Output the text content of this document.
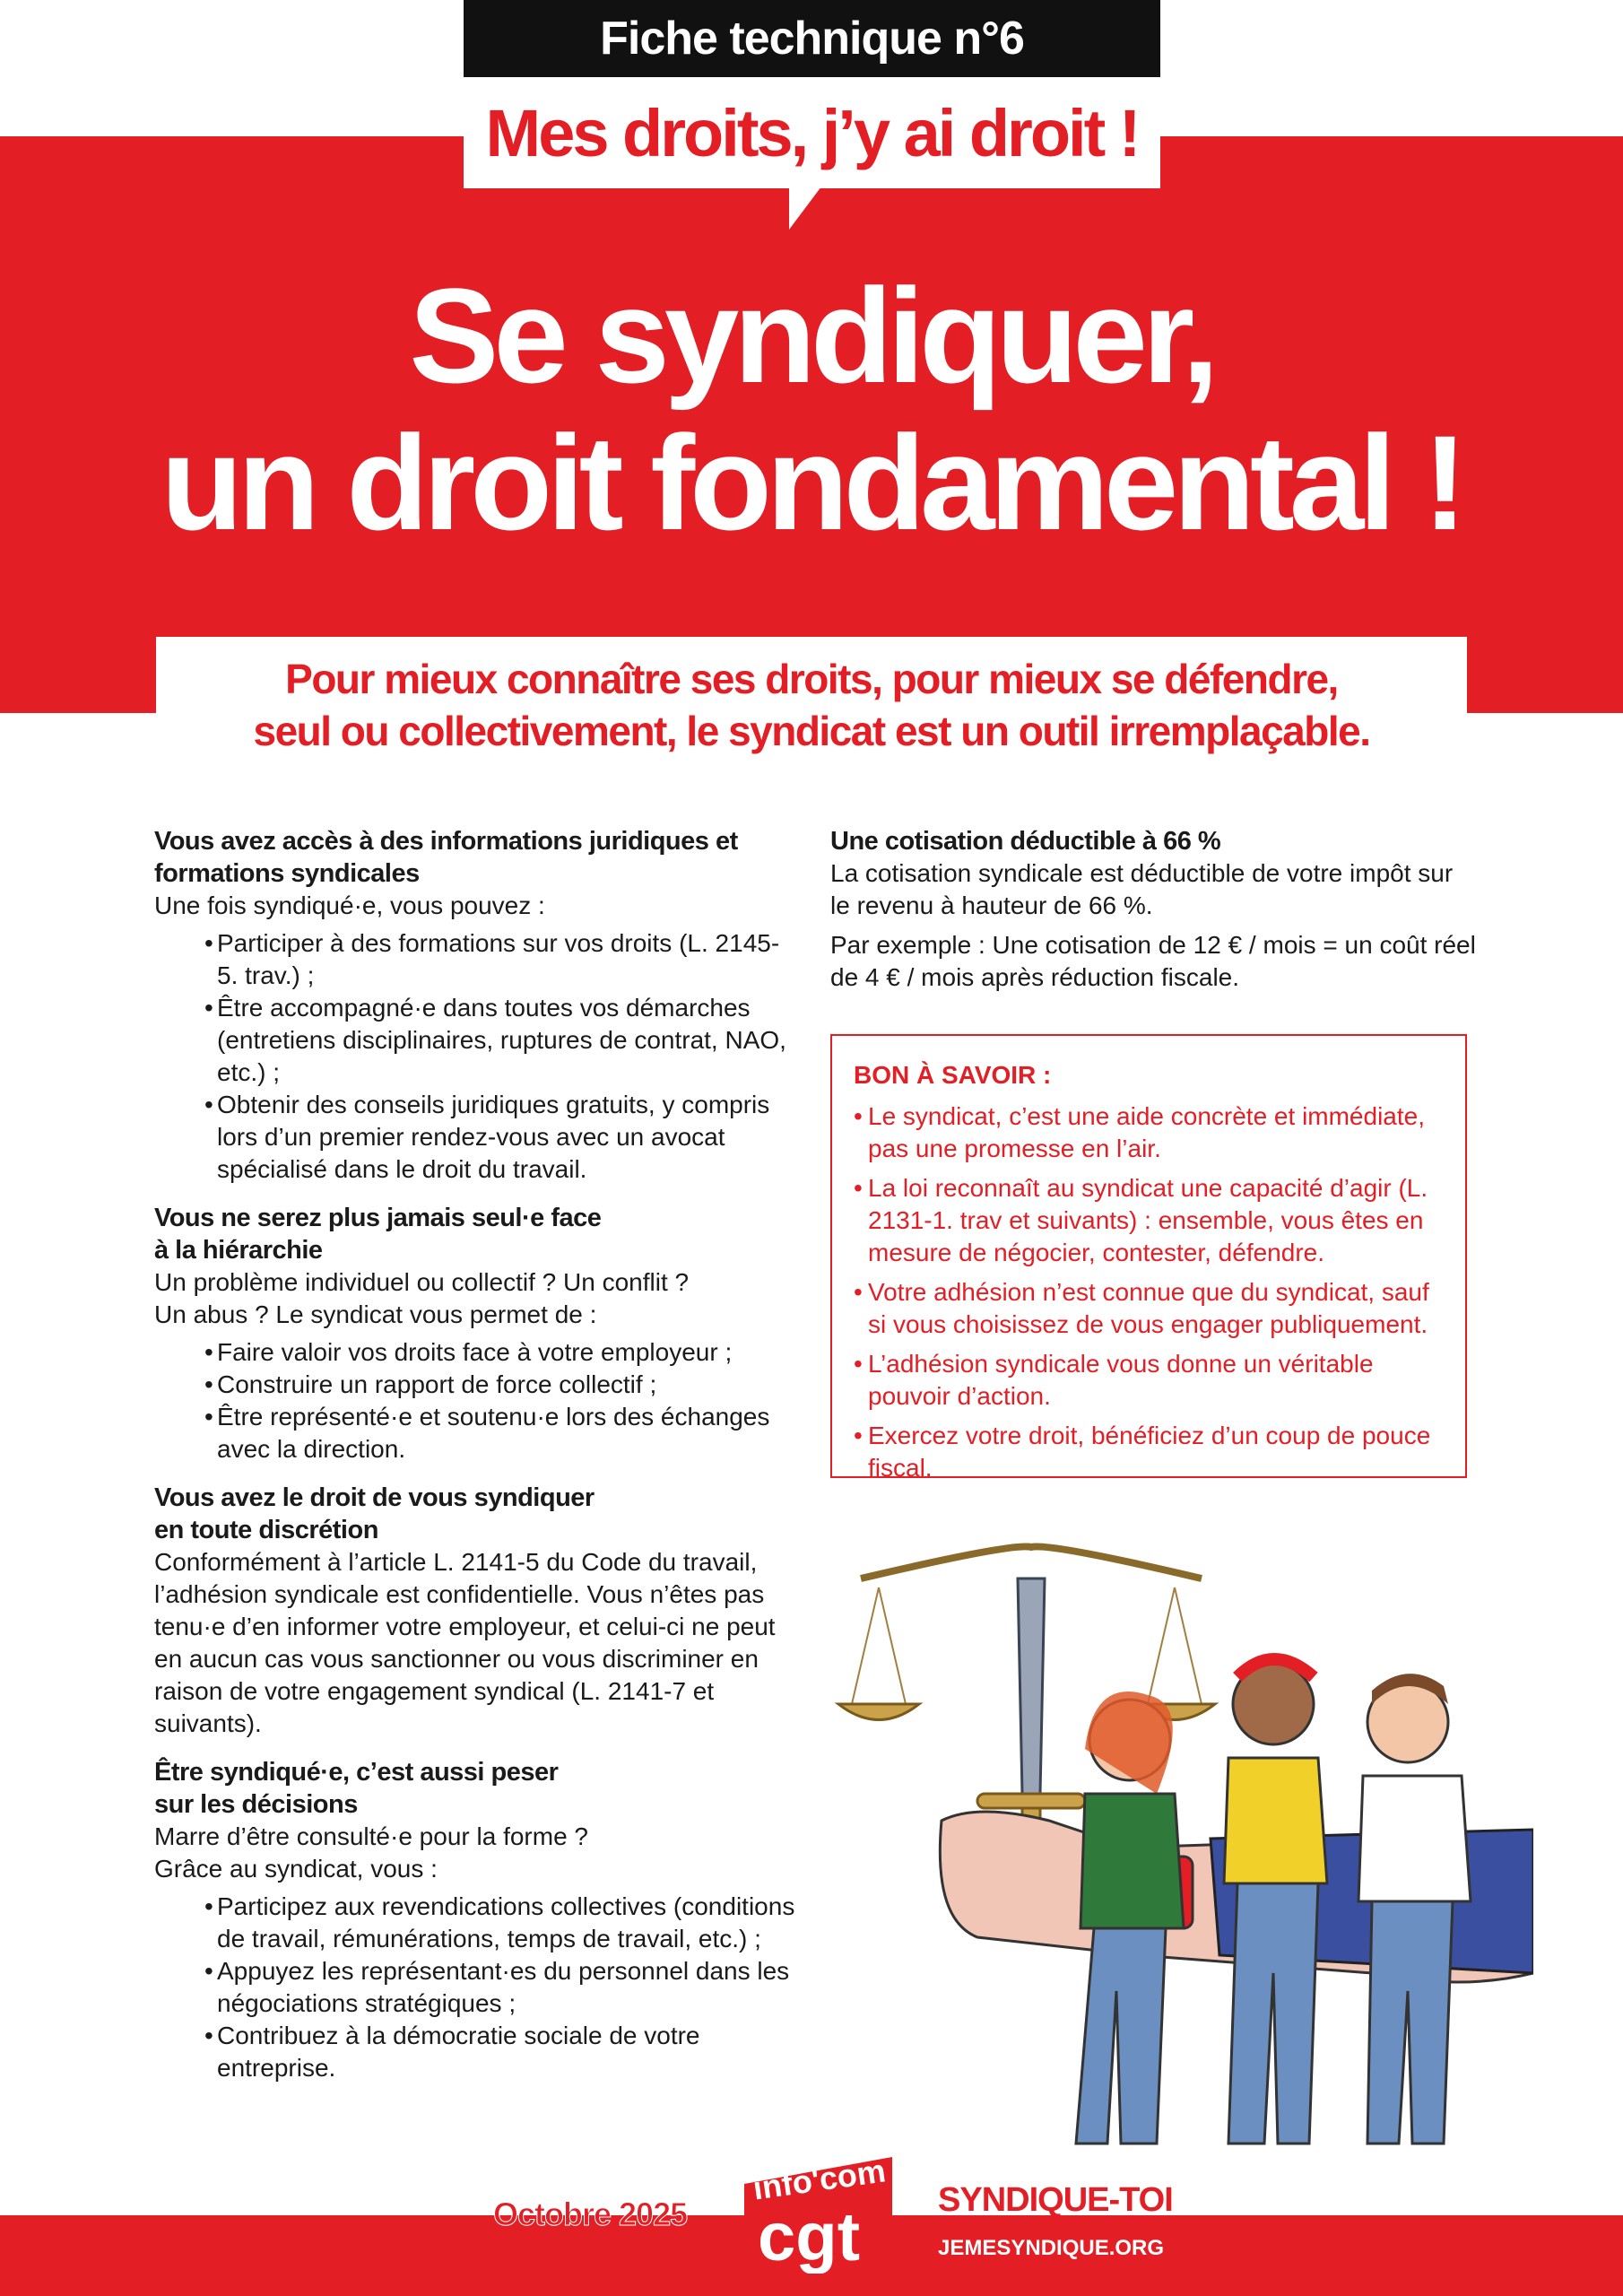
Fiche technique n°6
Mes droits, j’y ai droit !
Se syndiquer,
un droit fondamental !
Pour mieux connaître ses droits, pour mieux se défendre,
seul ou collectivement, le syndicat est un outil irremplaçable.
Vous avez accès à des informations juridiques et
formations syndicales

Une fois syndiqué·e, vous pouvez :

• Participer à des formations sur vos droits (L. 2145-5. trav.) ;
• Être accompagné·e dans toutes vos démarches (entretiens disciplinaires, ruptures de contrat, NAO, etc.) ;
• Obtenir des conseils juridiques gratuits, y compris lors d’un premier rendez-vous avec un avocat spécialisé dans le droit du travail.
Vous ne serez plus jamais seul·e face
à la hiérarchie

Un problème individuel ou collectif ? Un conflit ?
Un abus ? Le syndicat vous permet de :

• Faire valoir vos droits face à votre employeur ;
• Construire un rapport de force collectif ;
• Être représenté·e et soutenu·e lors des échanges avec la direction.
Vous avez le droit de vous syndiquer
en toute discrétion

Conformément à l’article L. 2141-5 du Code du travail, l’adhésion syndicale est confidentielle. Vous n’êtes pas tenu·e d’en informer votre employeur, et celui-ci ne peut en aucun cas vous sanctionner ou vous discriminer en raison de votre engagement syndical (L. 2141-7 et suivants).

Être syndiqué·e, c’est aussi peser
sur les décisions

Marre d’être consulté·e pour la forme ?
Grâce au syndicat, vous :

• Participez aux revendications collectives (conditions de travail, rémunérations, temps de travail, etc.) ;
• Appuyez les représentant·es du personnel dans les négociations stratégiques ;
• Contribuez à la démocratie sociale de votre entreprise.
Une cotisation déductible à 66 %

La cotisation syndicale est déductible de votre impôt sur le revenu à hauteur de 66 %.

Par exemple : Une cotisation de 12 € / mois = un coût réel de 4 € / mois après réduction fiscale.

BON À SAVOIR :
• Le syndicat, c’est une aide concrète et immédiate, pas une promesse en l’air.
• La loi reconnaît au syndicat une capacité d’agir (L. 2131-1. trav et suivants) : ensemble, vous êtes en mesure de négocier, contester, défendre.
• Votre adhésion n’est connue que du syndicat, sauf si vous choisissez de vous engager publiquement.
• L’adhésion syndicale vous donne un véritable pouvoir d’action.
• Exercez votre droit, bénéficiez d’un coup de pouce fiscal.
Octobre 2025
info'com
cgt SYNDIQUE-TOI
JEMESYNDIQUE.ORG
